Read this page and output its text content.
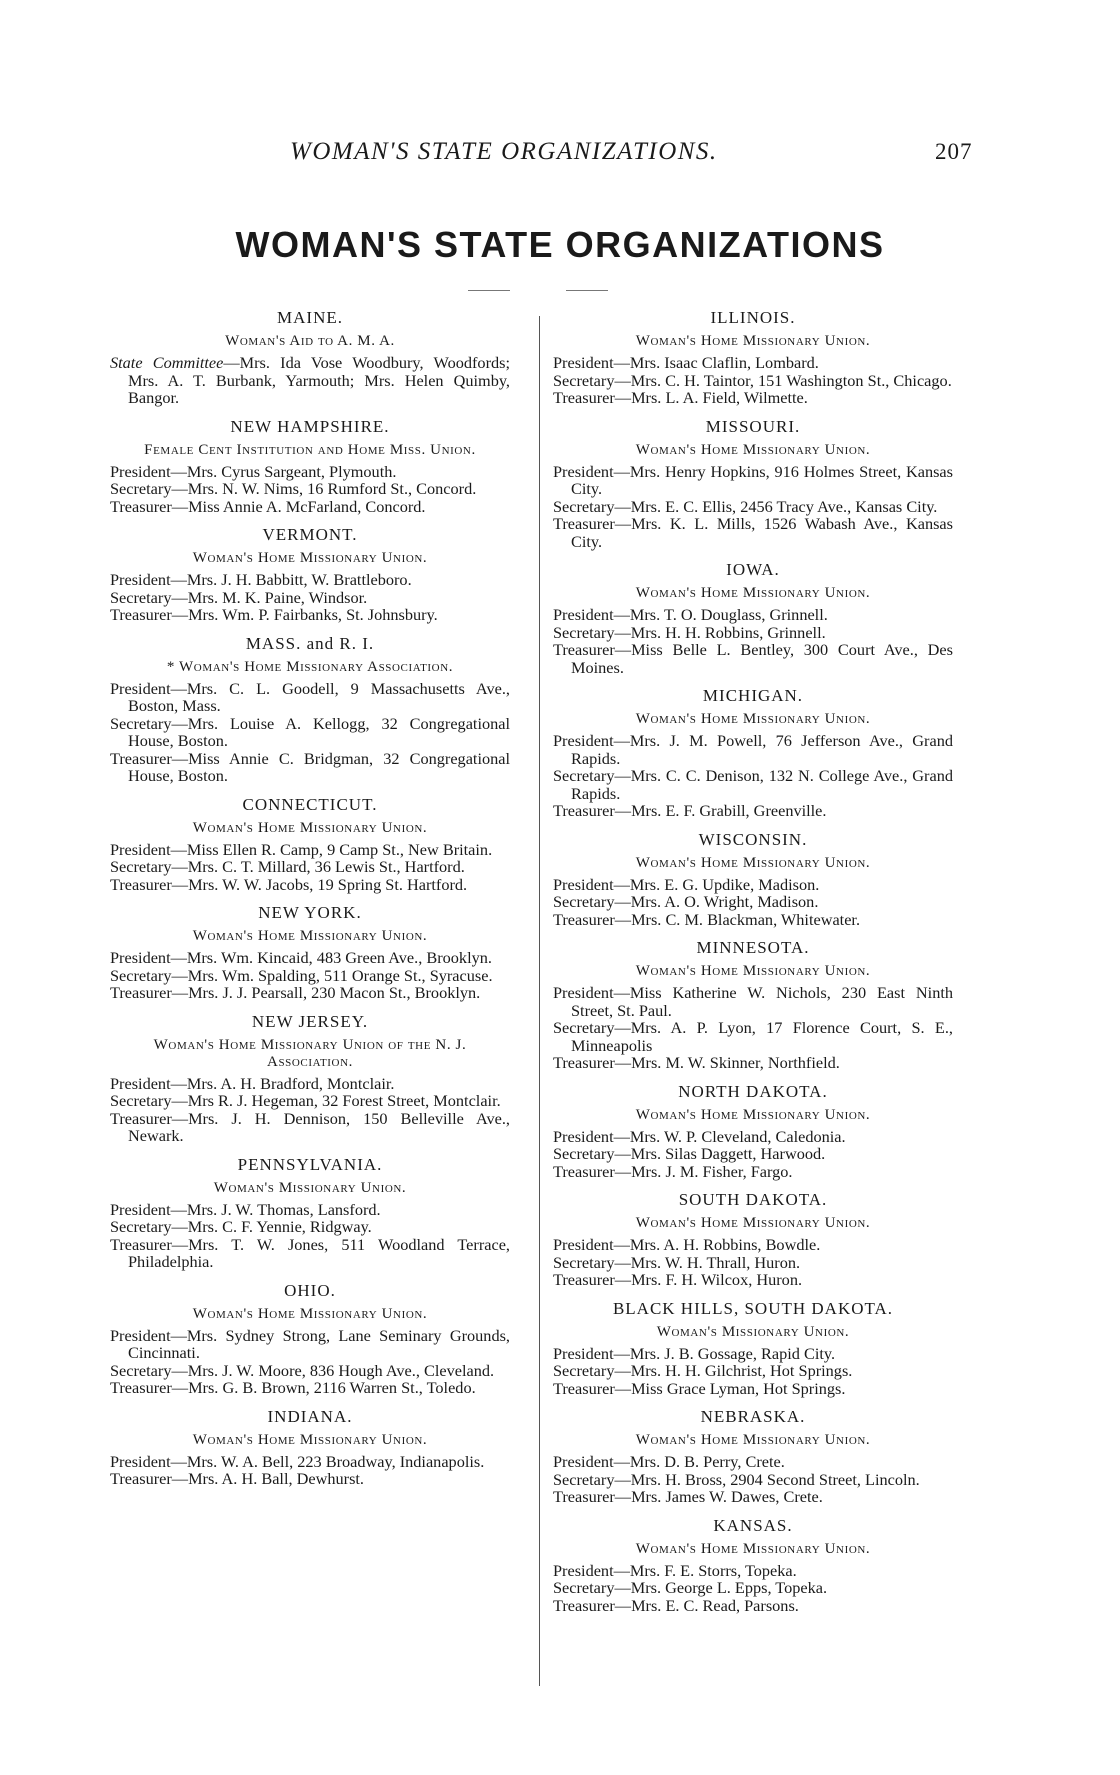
WOMAN'S STATE ORGANIZATIONS.	207
WOMAN'S STATE ORGANIZATIONS
MAINE.
Woman's Aid to A. M. A.
State Committee—Mrs. Ida Vose Woodbury, Woodfords; Mrs. A. T. Burbank, Yarmouth; Mrs. Helen Quimby, Bangor.
NEW HAMPSHIRE.
Female Cent Institution and Home Miss. Union.
President—Mrs. Cyrus Sargeant, Plymouth.
Secretary—Mrs. N. W. Nims, 16 Rumford St., Concord.
Treasurer—Miss Annie A. McFarland, Concord.
VERMONT.
Woman's Home Missionary Union.
President—Mrs. J. H. Babbitt, W. Brattleboro.
Secretary—Mrs. M. K. Paine, Windsor.
Treasurer—Mrs. Wm. P. Fairbanks, St. Johnsbury.
MASS. and R. I.
* Woman's Home Missionary Association.
President—Mrs. C. L. Goodell, 9 Massachusetts Ave., Boston, Mass.
Secretary—Mrs. Louise A. Kellogg, 32 Congregational House, Boston.
Treasurer—Miss Annie C. Bridgman, 32 Congregational House, Boston.
CONNECTICUT.
Woman's Home Missionary Union.
President—Miss Ellen R. Camp, 9 Camp St., New Britain.
Secretary—Mrs. C. T. Millard, 36 Lewis St., Hartford.
Treasurer—Mrs. W. W. Jacobs, 19 Spring St. Hartford.
NEW YORK.
Woman's Home Missionary Union.
President—Mrs. Wm. Kincaid, 483 Green Ave., Brooklyn.
Secretary—Mrs. Wm. Spalding, 511 Orange St., Syracuse.
Treasurer—Mrs. J. J. Pearsall, 230 Macon St., Brooklyn.
NEW JERSEY.
Woman's Home Missionary Union of the N. J. Association.
President—Mrs. A. H. Bradford, Montclair.
Secretary—Mrs R. J. Hegeman, 32 Forest Street, Montclair.
Treasurer—Mrs. J. H. Dennison, 150 Belleville Ave., Newark.
PENNSYLVANIA.
Woman's Missionary Union.
President—Mrs. J. W. Thomas, Lansford.
Secretary—Mrs. C. F. Yennie, Ridgway.
Treasurer—Mrs. T. W. Jones, 511 Woodland Terrace, Philadelphia.
OHIO.
Woman's Home Missionary Union.
President—Mrs. Sydney Strong, Lane Seminary Grounds, Cincinnati.
Secretary—Mrs. J. W. Moore, 836 Hough Ave., Cleveland.
Treasurer—Mrs. G. B. Brown, 2116 Warren St., Toledo.
INDIANA.
Woman's Home Missionary Union.
President—Mrs. W. A. Bell, 223 Broadway, Indianapolis.
Treasurer—Mrs. A. H. Ball, Dewhurst.
ILLINOIS.
Woman's Home Missionary Union.
President—Mrs. Isaac Claflin, Lombard.
Secretary—Mrs. C. H. Taintor, 151 Washington St., Chicago.
Treasurer—Mrs. L. A. Field, Wilmette.
MISSOURI.
Woman's Home Missionary Union.
President—Mrs. Henry Hopkins, 916 Holmes Street, Kansas City.
Secretary—Mrs. E. C. Ellis, 2456 Tracy Ave., Kansas City.
Treasurer—Mrs. K. L. Mills, 1526 Wabash Ave., Kansas City.
IOWA.
Woman's Home Missionary Union.
President—Mrs. T. O. Douglass, Grinnell.
Secretary—Mrs. H. H. Robbins, Grinnell.
Treasurer—Miss Belle L. Bentley, 300 Court Ave., Des Moines.
MICHIGAN.
Woman's Home Missionary Union.
President—Mrs. J. M. Powell, 76 Jefferson Ave., Grand Rapids.
Secretary—Mrs. C. C. Denison, 132 N. College Ave., Grand Rapids.
Treasurer—Mrs. E. F. Grabill, Greenville.
WISCONSIN.
Woman's Home Missionary Union.
President—Mrs. E. G. Updike, Madison.
Secretary—Mrs. A. O. Wright, Madison.
Treasurer—Mrs. C. M. Blackman, Whitewater.
MINNESOTA.
Woman's Home Missionary Union.
President—Miss Katherine W. Nichols, 230 East Ninth Street, St. Paul.
Secretary—Mrs. A. P. Lyon, 17 Florence Court, S. E., Minneapolis
Treasurer—Mrs. M. W. Skinner, Northfield.
NORTH DAKOTA.
Woman's Home Missionary Union.
President—Mrs. W. P. Cleveland, Caledonia.
Secretary—Mrs. Silas Daggett, Harwood.
Treasurer—Mrs. J. M. Fisher, Fargo.
SOUTH DAKOTA.
Woman's Home Missionary Union.
President—Mrs. A. H. Robbins, Bowdle.
Secretary—Mrs. W. H. Thrall, Huron.
Treasurer—Mrs. F. H. Wilcox, Huron.
BLACK HILLS, SOUTH DAKOTA.
Woman's Missionary Union.
President—Mrs. J. B. Gossage, Rapid City.
Secretary—Mrs. H. H. Gilchrist, Hot Springs.
Treasurer—Miss Grace Lyman, Hot Springs.
NEBRASKA.
Woman's Home Missionary Union.
President—Mrs. D. B. Perry, Crete.
Secretary—Mrs. H. Bross, 2904 Second Street, Lincoln.
Treasurer—Mrs. James W. Dawes, Crete.
KANSAS.
Woman's Home Missionary Union.
President—Mrs. F. E. Storrs, Topeka.
Secretary—Mrs. George L. Epps, Topeka.
Treasurer—Mrs. E. C. Read, Parsons.
